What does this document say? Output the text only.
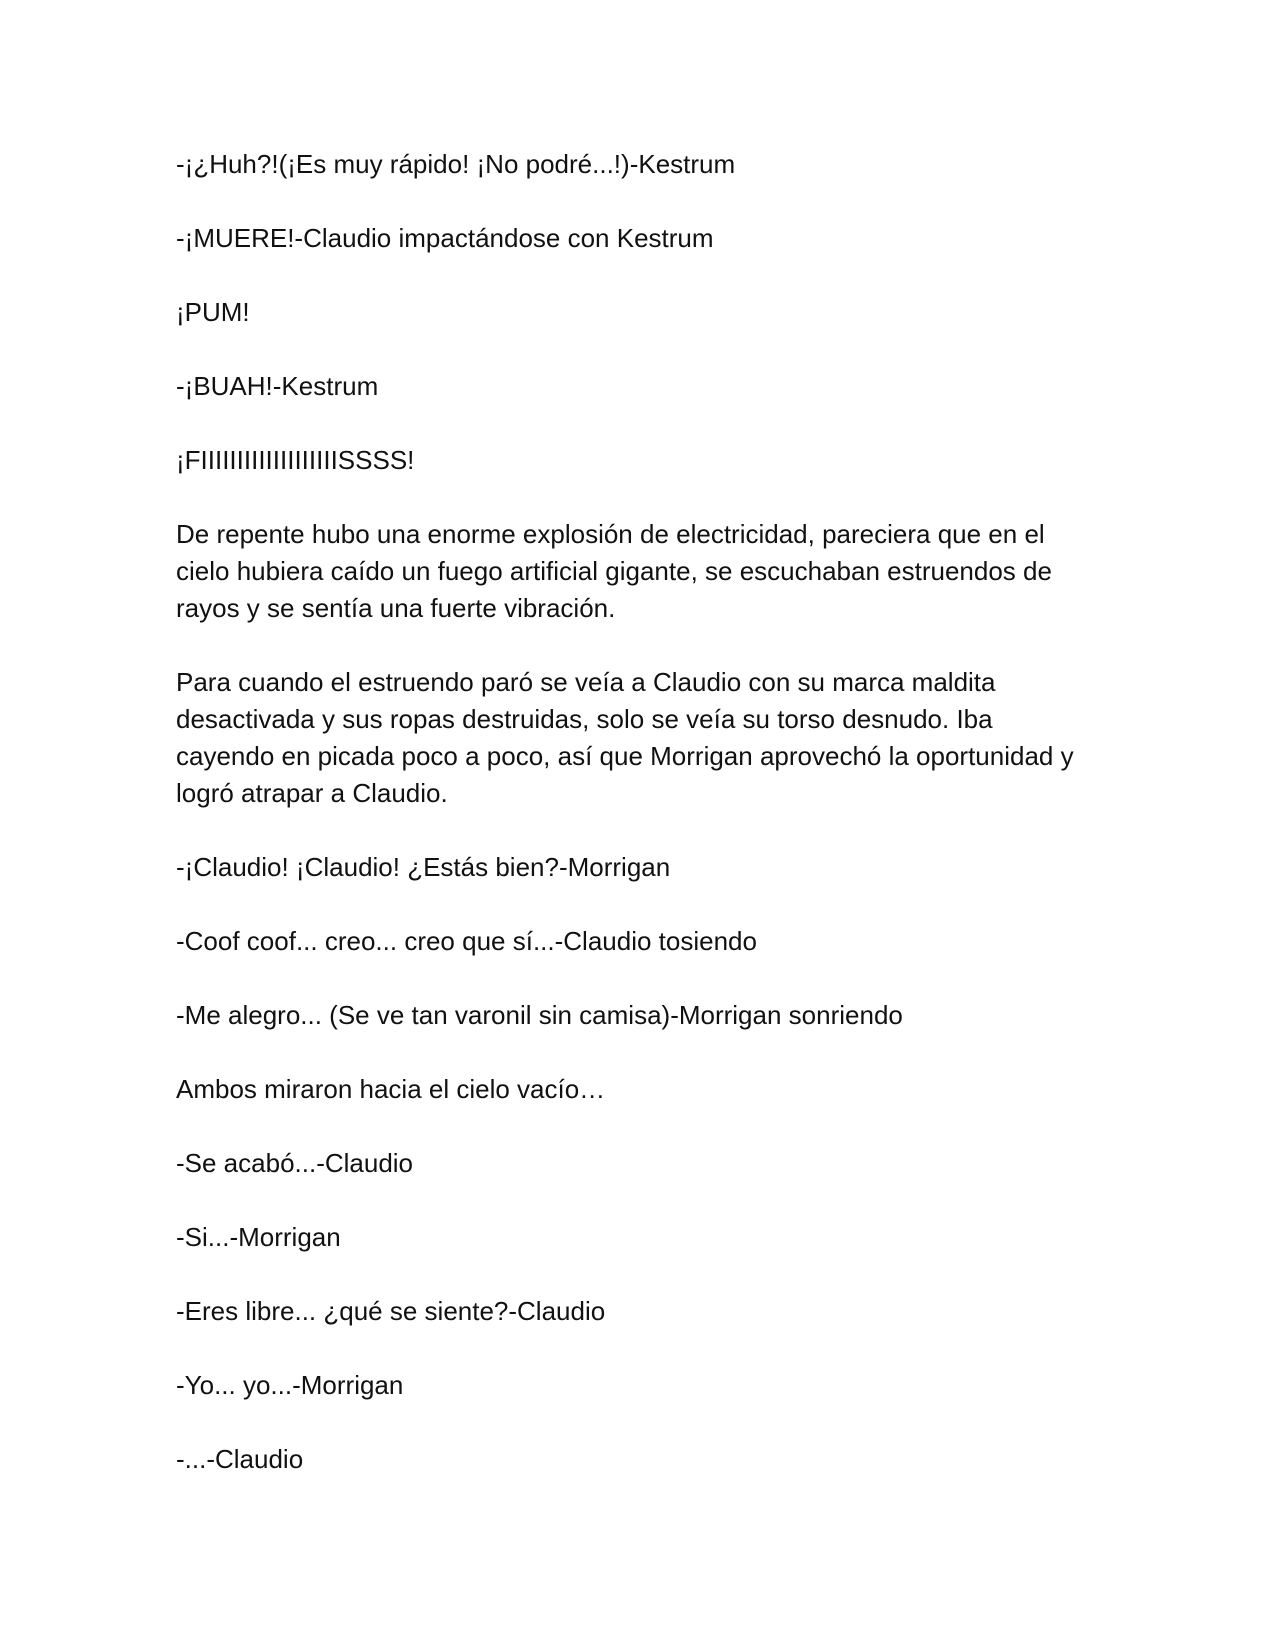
-¡¿Huh?!(¡Es muy rápido! ¡No podré...!)-Kestrum

-¡MUERE!-Claudio impactándose con Kestrum

¡PUM!

-¡BUAH!-Kestrum

¡FIIIIIIIIIIIIIIIIIIISSSS!

De repente hubo una enorme explosión de electricidad, pareciera que en el cielo hubiera caído un fuego artificial gigante, se escuchaban estruendos de rayos y se sentía una fuerte vibración.

Para cuando el estruendo paró se veía a Claudio con su marca maldita desactivada y sus ropas destruidas, solo se veía su torso desnudo. Iba cayendo en picada poco a poco, así que Morrigan aprovechó la oportunidad y logró atrapar a Claudio.

-¡Claudio! ¡Claudio! ¿Estás bien?-Morrigan

-Coof coof... creo... creo que sí...-Claudio tosiendo

-Me alegro... (Se ve tan varonil sin camisa)-Morrigan sonriendo

Ambos miraron hacia el cielo vacío…

-Se acabó...-Claudio

-Si...-Morrigan

-Eres libre... ¿qué se siente?-Claudio

-Yo... yo...-Morrigan

-...-Claudio
